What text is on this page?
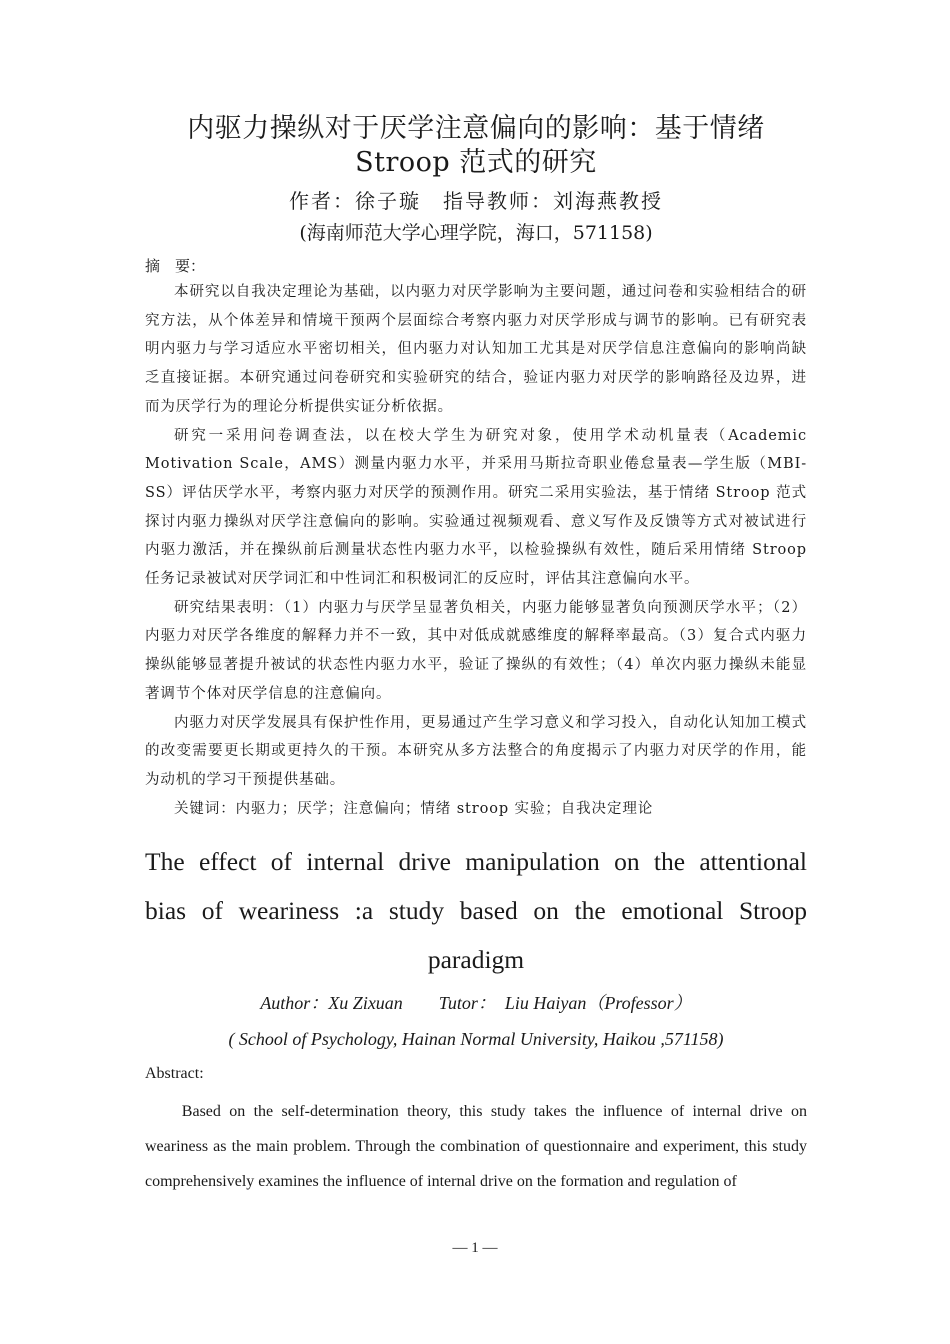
内驱力操纵对于厌学注意偏向的影响：基于情绪
Stroop 范式的研究
作者：徐子璇　指导教师：刘海燕教授
(海南师范大学心理学院，海口，571158)
摘　要：

本研究以自我决定理论为基础，以内驱力对厌学影响为主要问题，通过问卷和实验相结合的研究方法，从个体差异和情境干预两个层面综合考察内驱力对厌学形成与调节的影响。已有研究表明内驱力与学习适应水平密切相关，但内驱力对认知加工尤其是对厌学信息注意偏向的影响尚缺乏直接证据。本研究通过问卷研究和实验研究的结合，验证内驱力对厌学的影响路径及边界，进而为厌学行为的理论分析提供实证分析依据。

研究一采用问卷调查法，以在校大学生为研究对象，使用学术动机量表（Academic Motivation Scale，AMS）测量内驱力水平，并采用马斯拉奇职业倦怠量表—学生版（MBI-SS）评估厌学水平，考察内驱力对厌学的预测作用。研究二采用实验法，基于情绪 Stroop 范式探讨内驱力操纵对厌学注意偏向的影响。实验通过视频观看、意义写作及反馈等方式对被试进行内驱力激活，并在操纵前后测量状态性内驱力水平，以检验操纵有效性，随后采用情绪 Stroop 任务记录被试对厌学词汇和中性词汇和积极词汇的反应时，评估其注意偏向水平。

研究结果表明：（1）内驱力与厌学呈显著负相关，内驱力能够显著负向预测厌学水平；（2）内驱力对厌学各维度的解释力并不一致，其中对低成就感维度的解释率最高。（3）复合式内驱力操纵能够显著提升被试的状态性内驱力水平，验证了操纵的有效性；（4）单次内驱力操纵未能显著调节个体对厌学信息的注意偏向。

内驱力对厌学发展具有保护性作用，更易通过产生学习意义和学习投入，自动化认知加工模式的改变需要更长期或更持久的干预。本研究从多方法整合的角度揭示了内驱力对厌学的作用，能为动机的学习干预提供基础。

关键词：内驱力；厌学；注意偏向；情绪 stroop 实验；自我决定理论

The effect of internal drive manipulation on the attentional bias of weariness :a study based on the emotional Stroop paradigm
Author：Xu Zixuan　　Tutor：　Liu Haiyan（Professor）
( School of Psychology, Hainan Normal University, Haikou ,571158)
Abstract:

Based on the self-determination theory, this study takes the influence of internal drive on weariness as the main problem. Through the combination of questionnaire and experiment, this study comprehensively examines the influence of internal drive on the formation and regulation of

— 1 —
